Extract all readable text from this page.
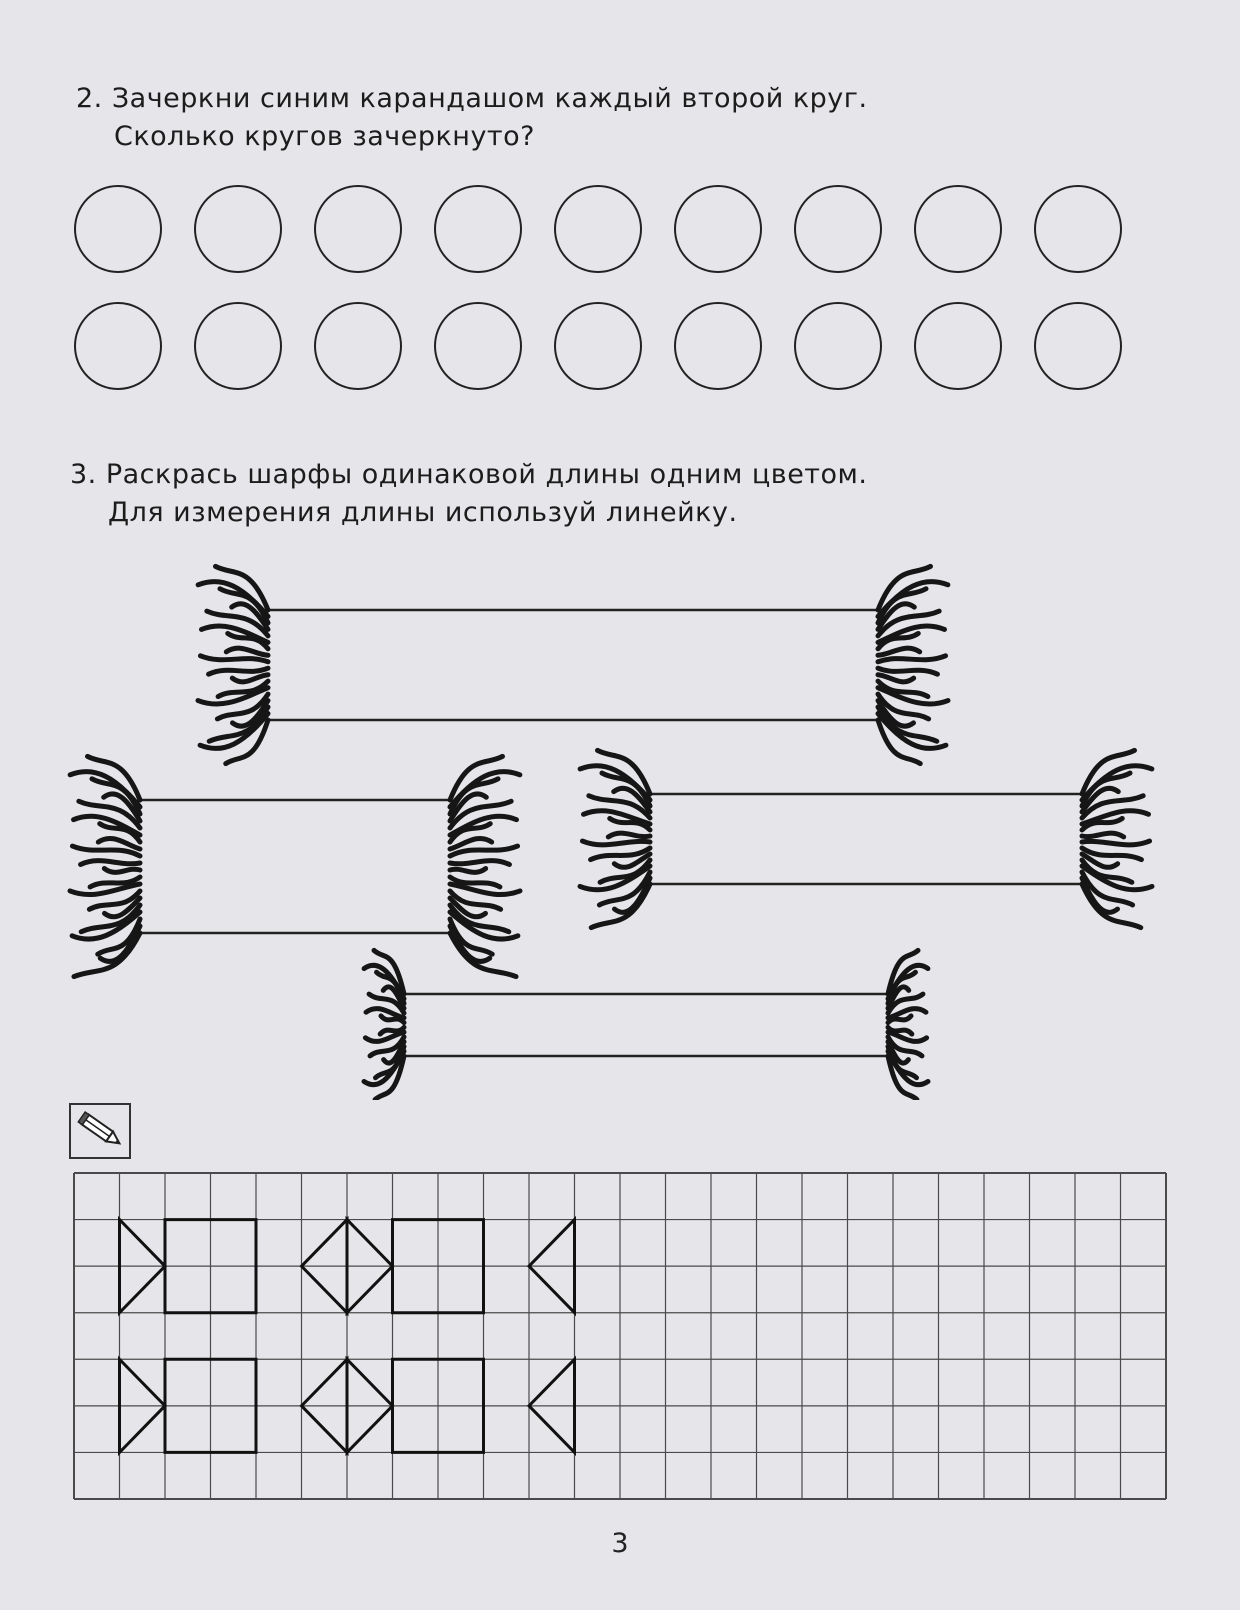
2. Зачеркни синим карандашом каждый второй круг.
Сколько кругов зачеркнуто?
3. Раскрась шарфы одинаковой длины одним цветом.
Для измерения длины используй линейку.
3
